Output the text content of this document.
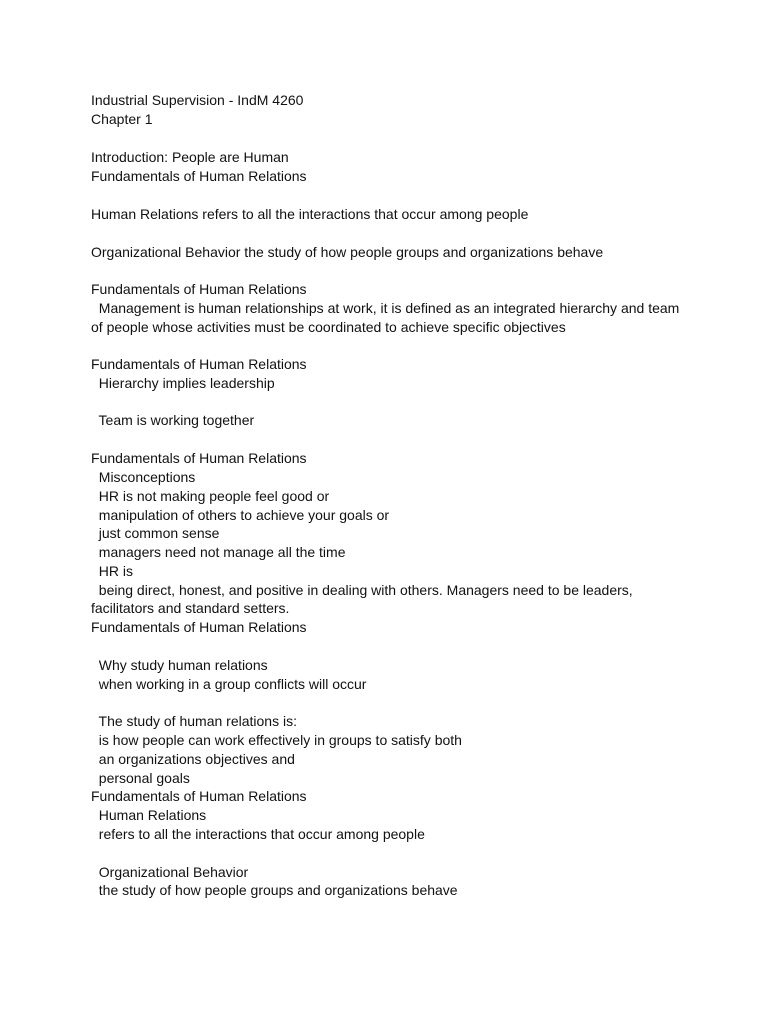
Industrial Supervision - IndM 4260

Chapter 1

Introduction: People are Human

Fundamentals of Human Relations

Human Relations refers to all the interactions that occur among people

Organizational Behavior the study of how people groups and organizations behave

Fundamentals of Human Relations

Management is human relationships at work, it is defined as an integrated hierarchy and team

of people whose activities must be coordinated to achieve specific objectives

Fundamentals of Human Relations

Hierarchy implies leadership

Team is working together

Fundamentals of Human Relations

Misconceptions

HR is not making people feel good or

manipulation of others to achieve your goals or

just common sense

managers need not manage all the time

HR is

being direct, honest, and positive in dealing with others. Managers need to be leaders,

facilitators and standard setters.

Fundamentals of Human Relations

Why study human relations

when working in a group conflicts will occur

The study of human relations is:

is how people can work effectively in groups to satisfy both

an organizations objectives and

personal goals

Fundamentals of Human Relations

Human Relations

refers to all the interactions that occur among people

Organizational Behavior

the study of how people groups and organizations behave
